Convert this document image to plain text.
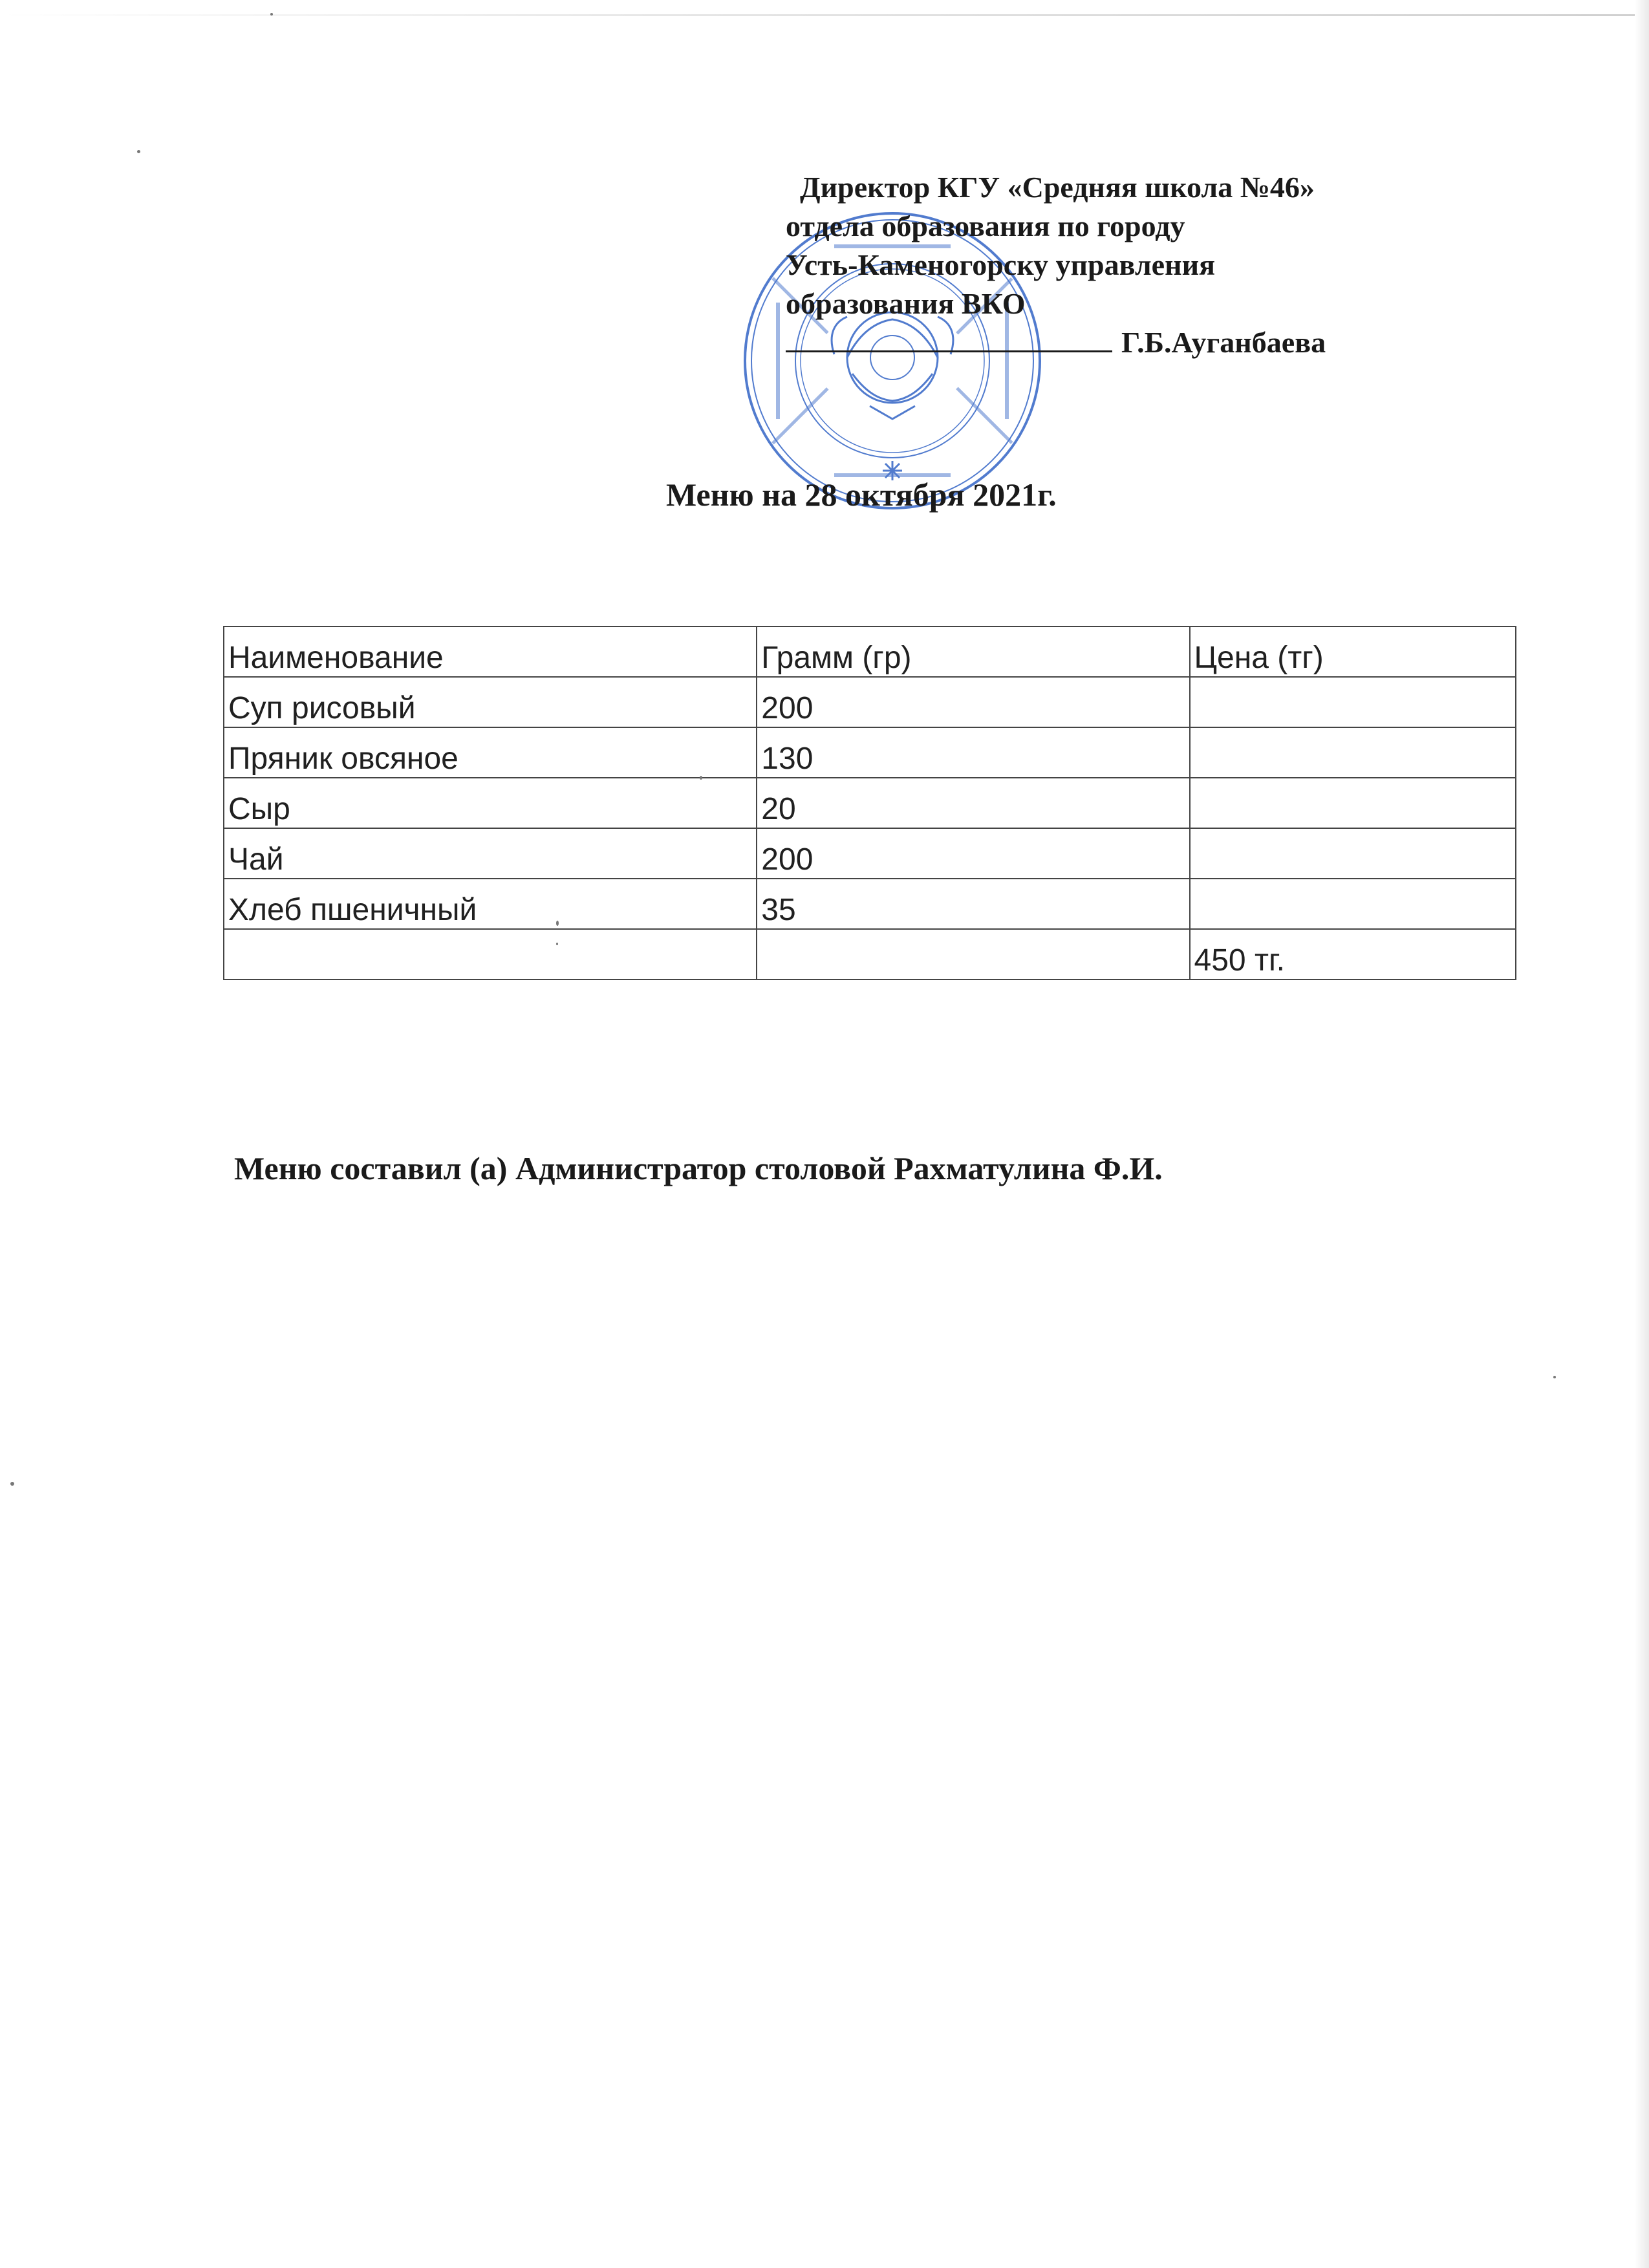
Директор КГУ «Средняя школа №46»
отдела образования по городу
Усть-Каменогорску управления
образования ВКО
Г.Б.Ауганбаева
Меню на 28 октября 2021г.
Наименование	Грамм (гр)	Цена (тг)
Суп рисовый	200	
Пряник овсяное	130	
Сыр	20	
Чай	200	
Хлеб пшеничный	35	
		450 тг.
Меню составил (а) Администратор столовой Рахматулина Ф.И.
